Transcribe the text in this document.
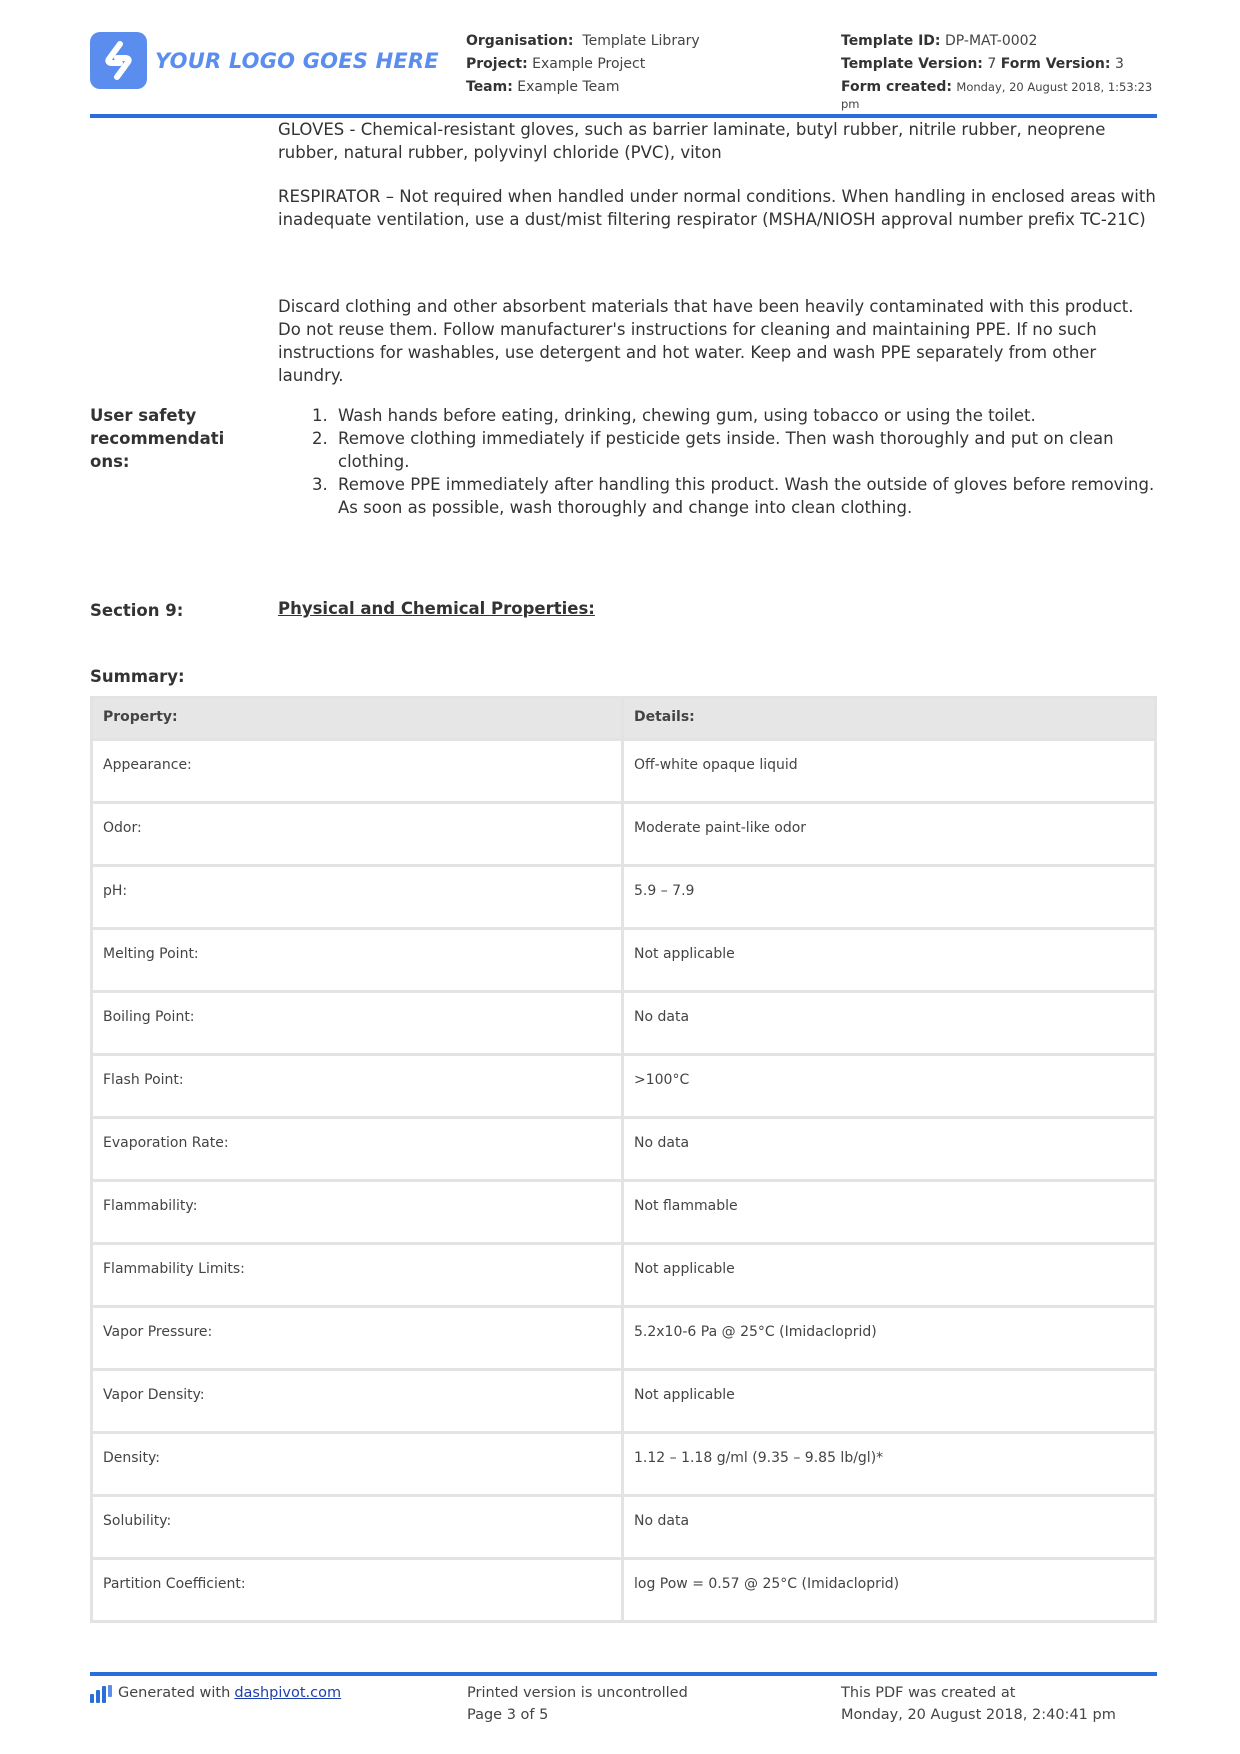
YOUR LOGO GOES HERE
Organisation: Template Library
Project: Example Project
Team: Example Team
Template ID: DP-MAT-0002
Template Version: 7 Form Version: 3
Form created: Monday, 20 August 2018, 1:53:23 pm

GLOVES - Chemical-resistant gloves, such as barrier laminate, butyl rubber, nitrile rubber, neoprene rubber, natural rubber, polyvinyl chloride (PVC), viton

RESPIRATOR – Not required when handled under normal conditions. When handling in enclosed areas with inadequate ventilation, use a dust/mist filtering respirator (MSHA/NIOSH approval number prefix TC-21C)

Discard clothing and other absorbent materials that have been heavily contaminated with this product. Do not reuse them. Follow manufacturer's instructions for cleaning and maintaining PPE. If no such instructions for washables, use detergent and hot water. Keep and wash PPE separately from other laundry.

User safety
recommendati
ons:
1. Wash hands before eating, drinking, chewing gum, using tobacco or using the toilet.
2. Remove clothing immediately if pesticide gets inside. Then wash thoroughly and put on clean clothing.
3. Remove PPE immediately after handling this product. Wash the outside of gloves before removing. As soon as possible, wash thoroughly and change into clean clothing.
Section 9:	Physical and Chemical Properties:
Summary:
Property:	Details:
Appearance:	Off-white opaque liquid
Odor:	Moderate paint-like odor
pH:	5.9 – 7.9
Melting Point:	Not applicable
Boiling Point:	No data
Flash Point:	>100°C
Evaporation Rate:	No data
Flammability:	Not flammable
Flammability Limits:	Not applicable
Vapor Pressure:	5.2x10-6 Pa @ 25°C (Imidacloprid)
Vapor Density:	Not applicable
Density:	1.12 – 1.18 g/ml (9.35 – 9.85 lb/gl)*
Solubility:	No data
Partition Coefficient:	log Pow = 0.57 @ 25°C (Imidacloprid)
Generated with dashpivot.com	Printed version is uncontrolled
Page 3 of 5
This PDF was created at
Monday, 20 August 2018, 2:40:41 pm
